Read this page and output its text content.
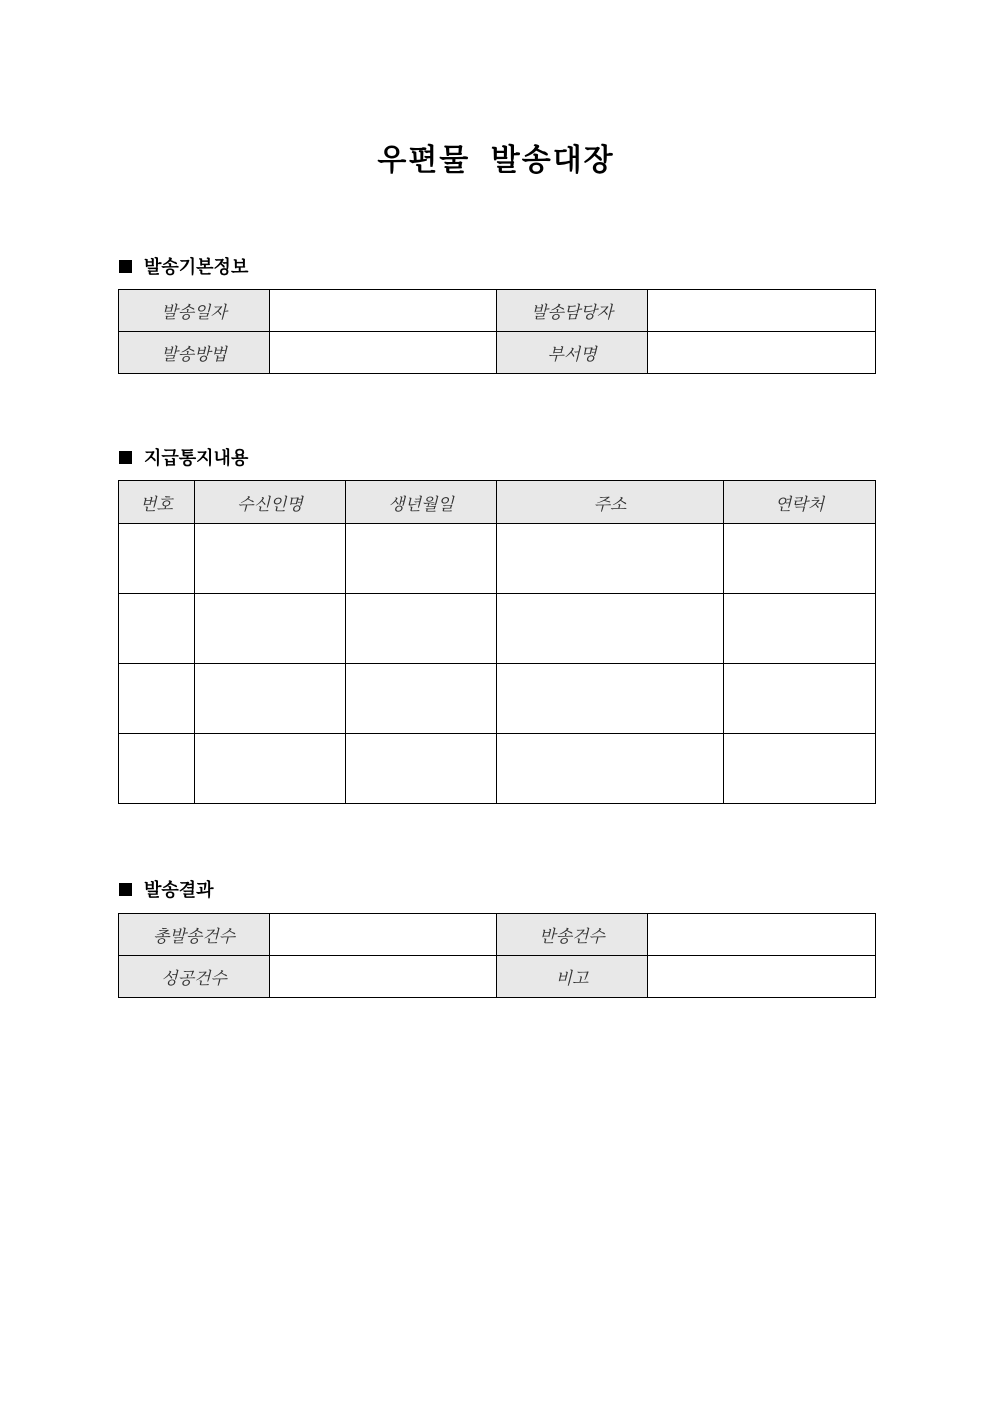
우편물 발송대장
발송기본정보
발송일자		발송담당자	
발송방법		부서명	
지급통지내용
번호	수신인명	생년월일	주소	연락처

발송결과
총발송건수		반송건수	
성공건수		비고	
